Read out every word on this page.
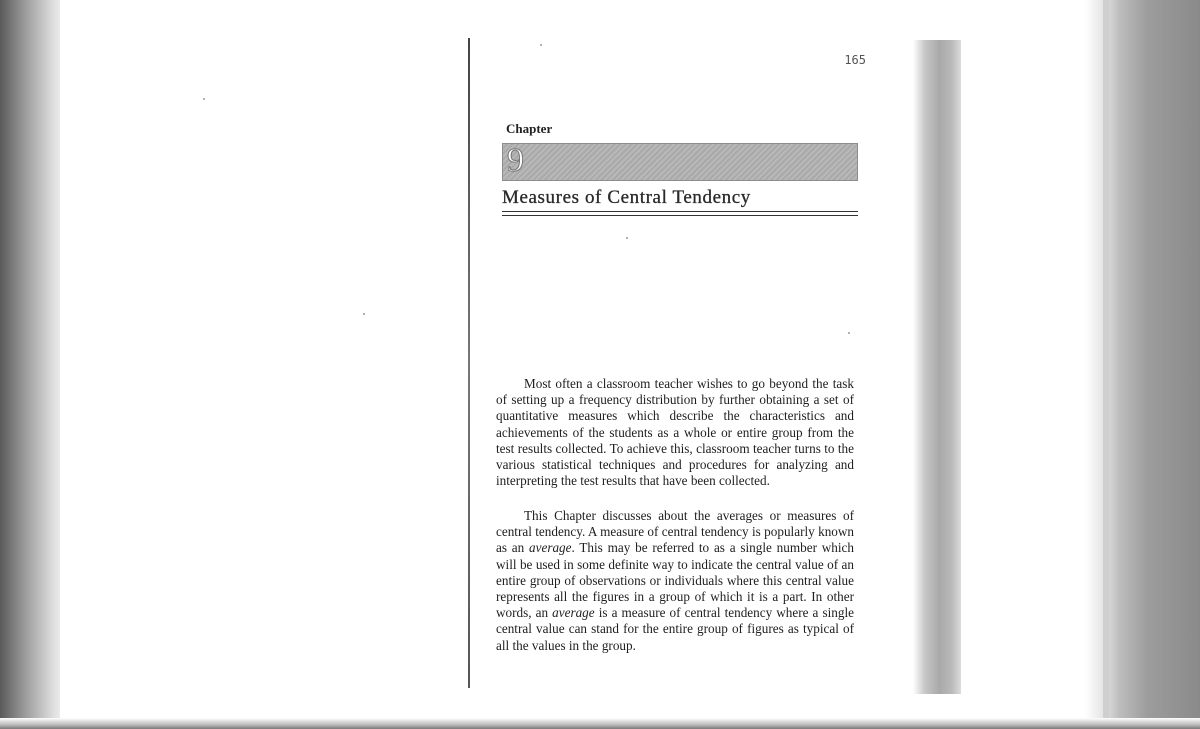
165
Chapter
9
Measures of Central Tendency

Most often a classroom teacher wishes to go beyond the task of setting up a frequency distribution by further obtaining a set of quantitative measures which describe the characteristics and achievements of the students as a whole or entire group from the test results collected. To achieve this, classroom teacher turns to the various statistical techniques and procedures for analyzing and interpreting the test results that have been collected.

This Chapter discusses about the averages or measures of central tendency. A measure of central tendency is popularly known as an average. This may be referred to as a single number which will be used in some definite way to indicate the central value of an entire group of observations or individuals where this central value represents all the figures in a group of which it is a part. In other words, an average is a measure of central tendency where a single central value can stand for the entire group of figures as typical of all the values in the group.
